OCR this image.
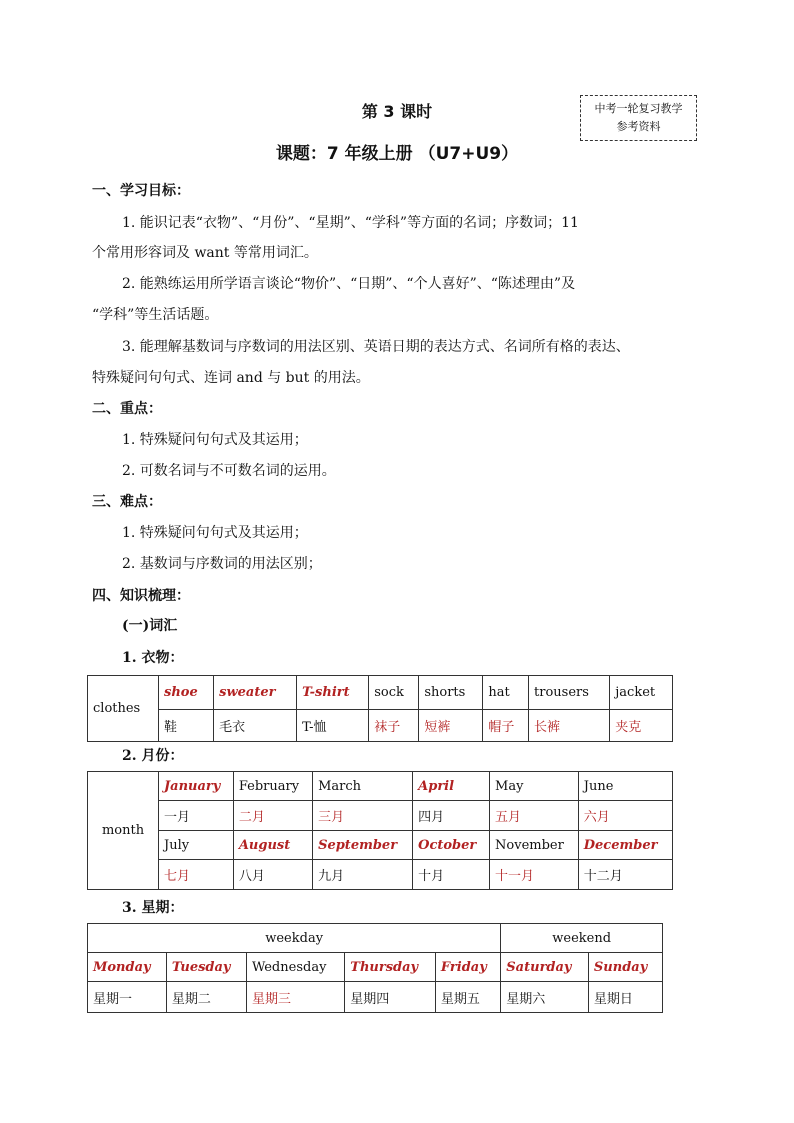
中考一轮复习教学
参考资料
第 3 课时
课题：7 年级上册 （U7+U9）
一、学习目标：
1. 能识记表“衣物”、“月份”、“星期”、“学科”等方面的名词；序数词；11
个常用形容词及 want 等常用词汇。
2. 能熟练运用所学语言谈论“物价”、“日期”、“个人喜好”、“陈述理由”及
“学科”等生活话题。
3. 能理解基数词与序数词的用法区别、英语日期的表达方式、名词所有格的表达、
特殊疑问句句式、连词 and 与 but 的用法。
二、重点：
1. 特殊疑问句句式及其运用；
2. 可数名词与不可数名词的运用。
三、难点：
1. 特殊疑问句句式及其运用；
2. 基数词与序数词的用法区别；
四、知识梳理：
(一)词汇
1. 衣物：
clothes	shoe	sweater	T-shirt	sock	shorts	hat	trousers	jacket
	鞋	毛衣	T-恤	袜子	短裤	帽子	长裤	夹克
2. 月份：
month	January	February	March	April	May	June
	一月	二月	三月	四月	五月	六月
	July	August	September	October	November	December
	七月	八月	九月	十月	十一月	十二月
3. 星期：
weekday					weekend	
Monday	Tuesday	Wednesday	Thursday	Friday	Saturday	Sunday
星期一	星期二	星期三	星期四	星期五	星期六	星期日
